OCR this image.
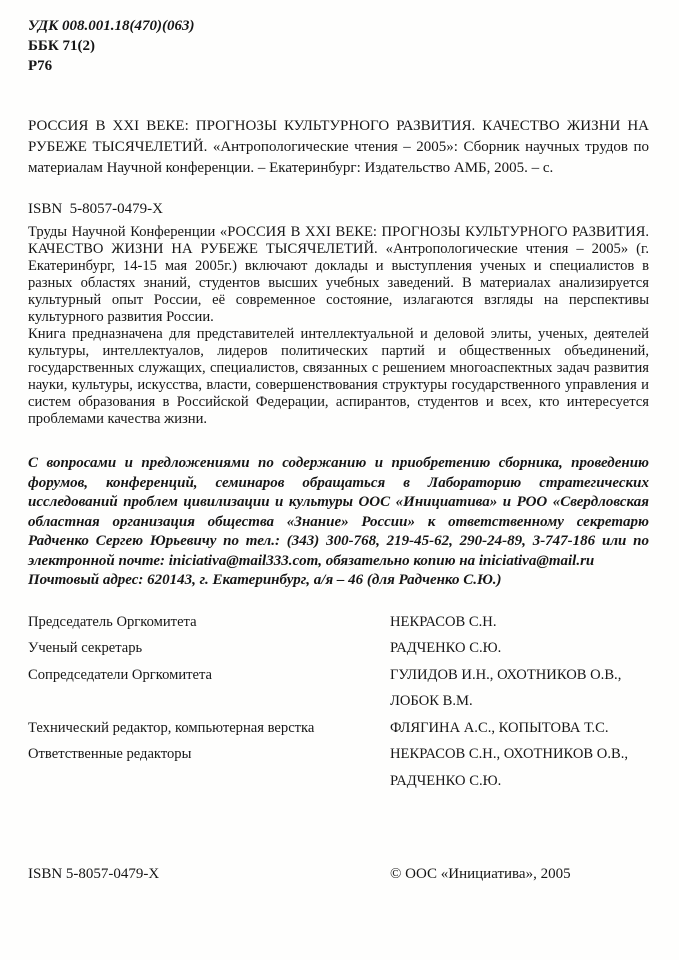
УДК 008.001.18(470)(063)
ББК 71(2)
Р76

РОССИЯ В XXI ВЕКЕ: ПРОГНОЗЫ КУЛЬТУРНОГО РАЗВИТИЯ. КАЧЕСТВО ЖИЗНИ НА РУБЕЖЕ ТЫСЯЧЕЛЕТИЙ. «Антропологические чтения – 2005»: Сборник научных трудов по материалам Научной конференции. – Екатеринбург: Издательство АМБ, 2005. – с.

ISBN  5-8057-0479-X

Труды Научной Конференции «РОССИЯ В XXI ВЕКЕ: ПРОГНОЗЫ КУЛЬТУРНОГО РАЗВИТИЯ. КАЧЕСТВО ЖИЗНИ НА РУБЕЖЕ ТЫСЯЧЕЛЕТИЙ. «Антропологические чтения – 2005» (г. Екатеринбург, 14-15 мая 2005г.) включают доклады и выступления ученых и специалистов в разных областях знаний, студентов высших учебных заведений. В материалах анализируется культурный опыт России, её современное состояние, излагаются взгляды на перспективы культурного развития России.

Книга предназначена для представителей интеллектуальной и деловой элиты, ученых, деятелей культуры, интеллектуалов, лидеров политических партий и общественных объединений, государственных служащих, специалистов, связанных с решением многоаспектных задач развития науки, культуры, искусства, власти, совершенствования структуры государственного управления и систем образования в Российской Федерации, аспирантов, студентов и всех, кто интересуется проблемами качества жизни.

С вопросами и предложениями по содержанию и приобретению сборника, проведению форумов, конференций, семинаров обращаться в Лабораторию стратегических исследований проблем цивилизации и культуры ООС «Инициатива» и РОО «Свердловская областная организация общества «Знание» России» к ответственному секретарю Радченко Сергею Юрьевичу по тел.: (343) 300-768, 219-45-62, 290-24-89, 3-747-186 или по электронной почте: iniciativa@mail333.com, обязательно копию на iniciativa@mail.ru

Почтовый адрес: 620143, г. Екатеринбург, а/я – 46 (для Радченко С.Ю.)

Председатель Оргкомитета	НЕКРАСОВ С.Н.
Ученый секретарь	РАДЧЕНКО С.Ю.
Сопредседатели Оргкомитета	ГУЛИДОВ И.Н., ОХОТНИКОВ О.В., ЛОБОК В.М.
Технический редактор, компьютерная верстка	ФЛЯГИНА А.С., КОПЫТОВА Т.С.
Ответственные редакторы	НЕКРАСОВ С.Н., ОХОТНИКОВ О.В.,
РАДЧЕНКО С.Ю.
ISBN 5-8057-0479-X	© ООС «Инициатива», 2005
